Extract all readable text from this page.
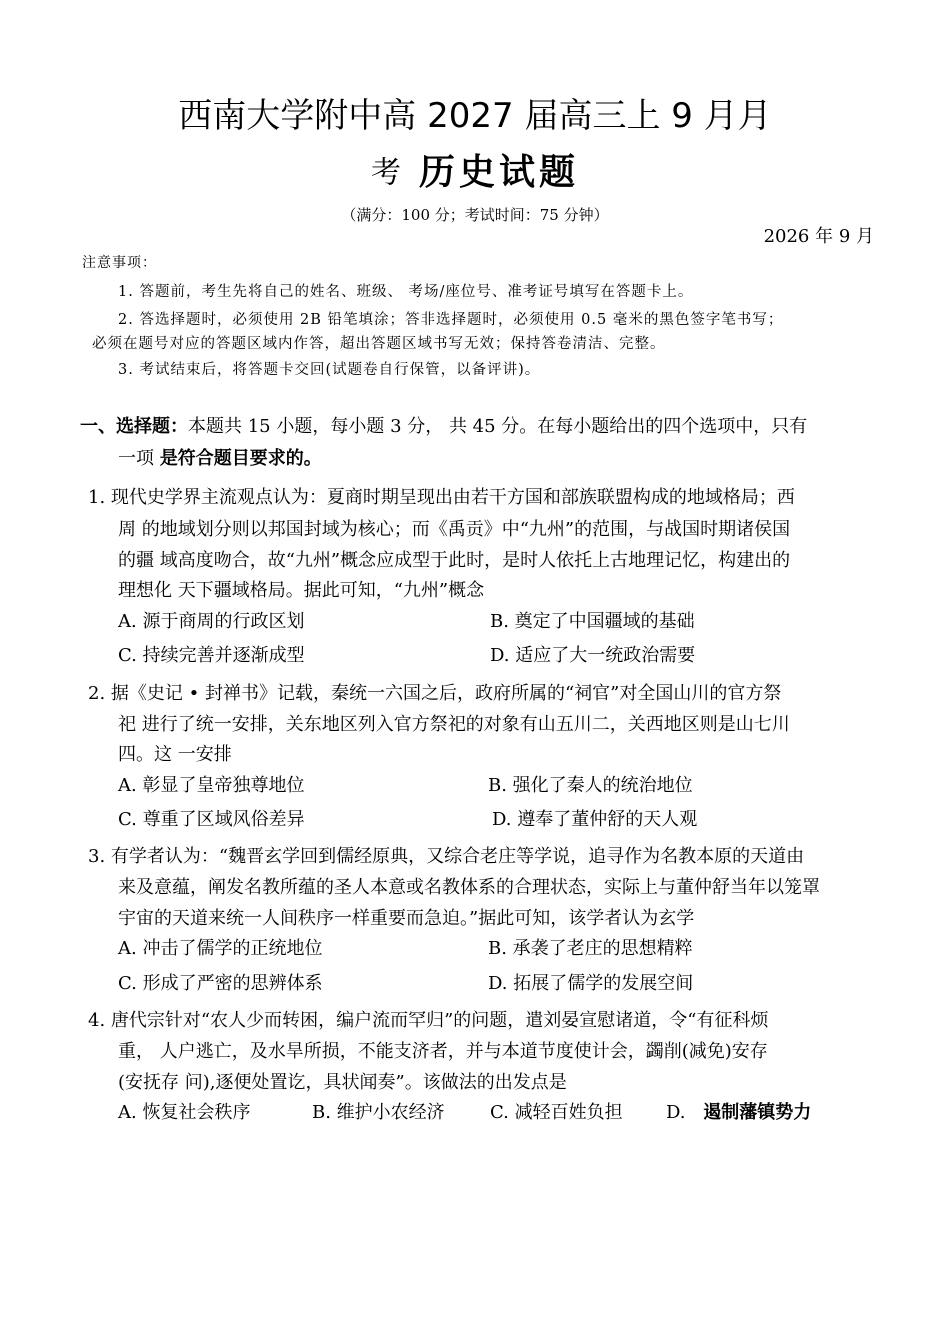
西南大学附中高 2027 届高三上 9 月月
考 历史试题
（满分：100 分；考试时间：75 分钟）
2026 年 9 月
注意事项：
1. 答题前，考生先将自己的姓名、班级、 考场/座位号、准考证号填写在答题卡上。
2. 答选择题时，必须使用 2B 铅笔填涂；答非选择题时，必须使用 0.5 毫米的黑色签字笔书写；
必须在题号对应的答题区域内作答，超出答题区域书写无效；保持答卷清洁、完整。
3. 考试结束后，将答题卡交回(试题卷自行保管，以备评讲)。
一、选择题：本题共 15 小题，每小题 3 分， 共 45 分。在每小题给出的四个选项中，只有
一项 是符合题目要求的。
1. 现代史学界主流观点认为：夏商时期呈现出由若干方国和部族联盟构成的地域格局；西
周 的地域划分则以邦国封域为核心；而《禹贡》中“九州”的范围，与战国时期诸侯国
的疆 域高度吻合，故“九州”概念应成型于此时，是时人依托上古地理记忆，构建出的
理想化 天下疆域格局。据此可知，“九州”概念
A. 源于商周的行政区划	B. 奠定了中国疆域的基础
C. 持续完善并逐渐成型	D. 适应了大一统政治需要
2. 据《史记 • 封禅书》记载，秦统一六国之后，政府所属的“祠官”对全国山川的官方祭
祀 进行了统一安排，关东地区列入官方祭祀的对象有山五川二，关西地区则是山七川
四。这 一安排
A. 彰显了皇帝独尊地位	B. 强化了秦人的统治地位
C. 尊重了区域风俗差异	D. 遵奉了董仲舒的天人观
3. 有学者认为：“魏晋玄学回到儒经原典，又综合老庄等学说，追寻作为名教本原的天道由
来及意蕴，阐发名教所蕴的圣人本意或名教体系的合理状态，实际上与董仲舒当年以笼罩
宇宙的天道来统一人间秩序一样重要而急迫。”据此可知，该学者认为玄学
A. 冲击了儒学的正统地位	B. 承袭了老庄的思想精粹
C. 形成了严密的思辨体系	D. 拓展了儒学的发展空间
4. 唐代宗针对“农人少而转困，编户流而罕归”的问题，遣刘晏宣慰诸道，令“有征科烦
重， 人户逃亡，及水旱所损，不能支济者，并与本道节度使计会，蠲削(减免)安存
(安抚存 问),逐便处置讫，具状闻奏”。该做法的出发点是
A. 恢复社会秩序	B. 维护小农经济	C. 减轻百姓负担 D. 遏制藩镇势力
